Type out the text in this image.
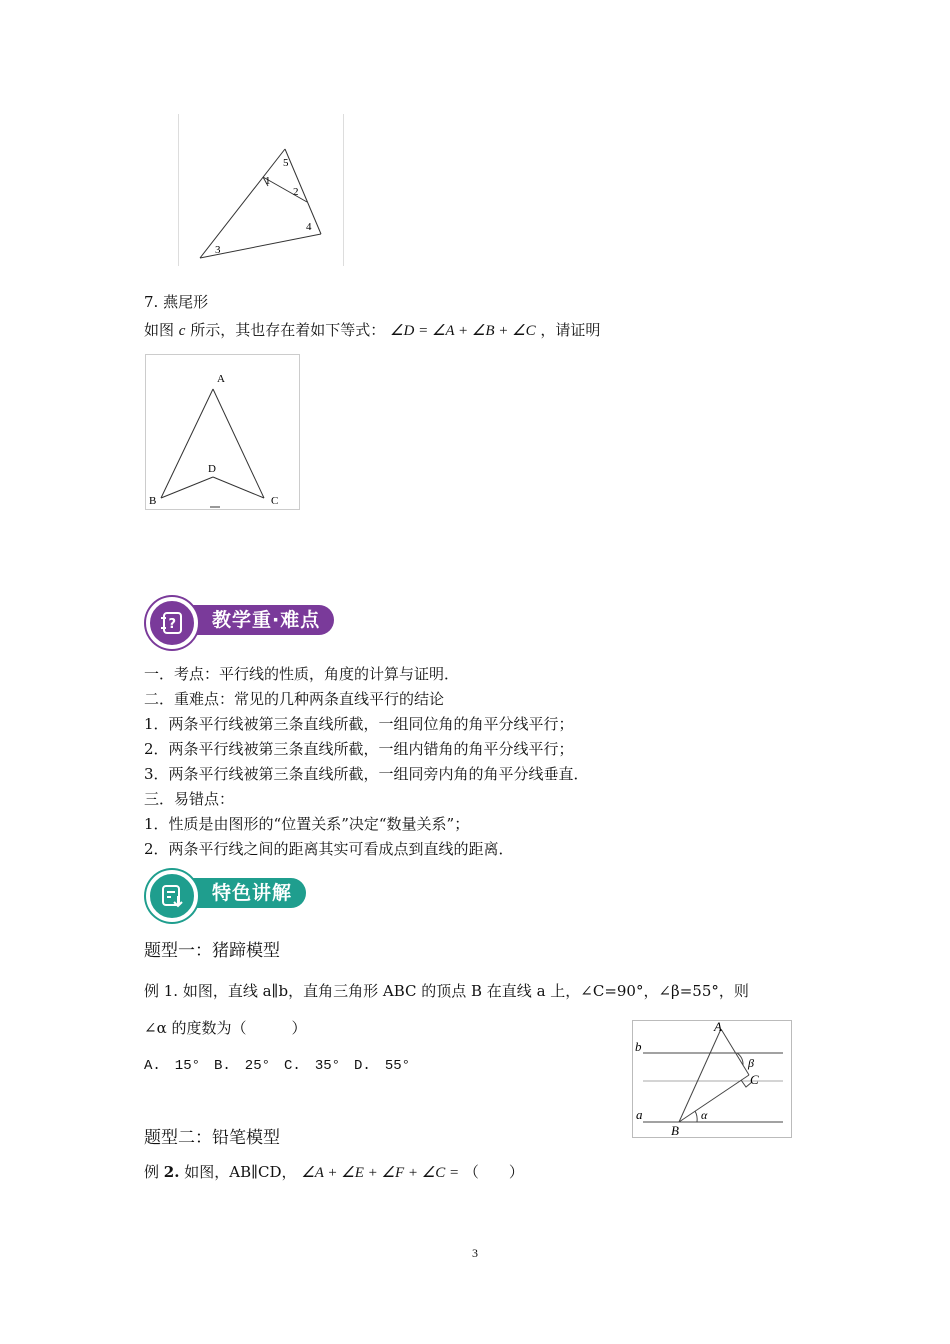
5
1
2
4
3
7. 燕尾形
如图 c 所示，其也存在着如下等式： ∠D = ∠A + ∠B + ∠C ，请证明
A
D
B	C
教学重·难点
?
一．考点：平行线的性质，角度的计算与证明．
二．重难点：常见的几种两条直线平行的结论
1．两条平行线被第三条直线所截，一组同位角的角平分线平行；
2．两条平行线被第三条直线所截，一组内错角的角平分线平行；
3．两条平行线被第三条直线所截，一组同旁内角的角平分线垂直．
三．易错点：
1．性质是由图形的“位置关系”决定“数量关系”；
2．两条平行线之间的距离其实可看成点到直线的距离．
特色讲解
题型一：猪蹄模型
例 1. 如图，直线 a∥b，直角三角形 ABC 的顶点 B 在直线 a 上，∠C=90°，∠β=55°，则
∠α 的度数为（　　　）
A.　15°　B.　25°　C.　35°　D.　55°
A
b
β
C
a	α
B
题型二：铅笔模型
例 2. 如图，AB∥CD， ∠A + ∠E + ∠F + ∠C = （　　）
3
